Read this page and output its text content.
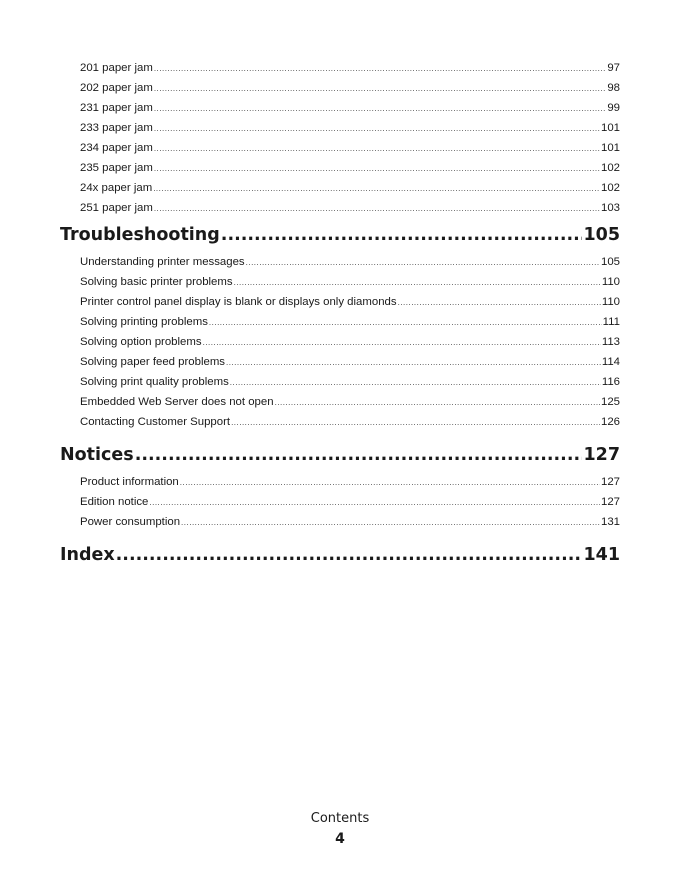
201 paper jam .....	97
202 paper jam .....	98
231 paper jam .....	99
233 paper jam .....	101
234 paper jam .....	101
235 paper jam .....	102
24x paper jam .....	102
251 paper jam .....	103
Troubleshooting .....	105
Understanding printer messages .....	105
Solving basic printer problems .....	110
Printer control panel display is blank or displays only diamonds .....	110
Solving printing problems .....	111
Solving option problems .....	113
Solving paper feed problems .....	114
Solving print quality problems .....	116
Embedded Web Server does not open .....	125
Contacting Customer Support .....	126
Notices .....	127
Product information .....	127
Edition notice .....	127
Power consumption .....	131
Index .....	141
Contents
4
